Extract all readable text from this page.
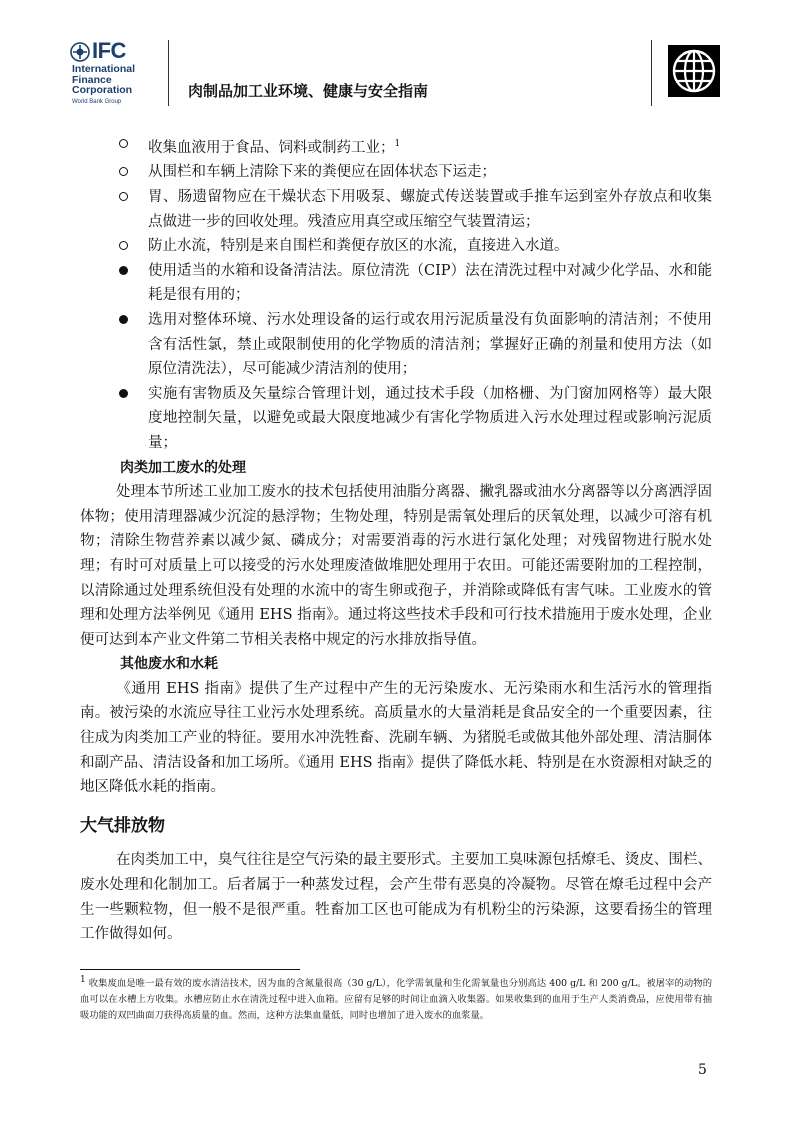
IFC
International
Finance
Corporation
World Bank Group
肉制品加工业环境、健康与安全指南
收集血液用于食品、饲料或制药工业；$^1$
从围栏和车辆上清除下来的粪便应在固体状态下运走；
胃、肠遗留物应在干燥状态下用吸泵、螺旋式传送装置或手推车运到室外存放点和收集点做进一步的回收处理。残渣应用真空或压缩空气装置清运；
防止水流，特别是来自围栏和粪便存放区的水流，直接进入水道。
使用适当的水箱和设备清洁法。原位清洗（CIP）法在清洗过程中对减少化学品、水和能耗是很有用的；
选用对整体环境、污水处理设备的运行或农用污泥质量没有负面影响的清洁剂；不使用含有活性氯，禁止或限制使用的化学物质的清洁剂；掌握好正确的剂量和使用方法（如原位清洗法），尽可能减少清洁剂的使用；
实施有害物质及矢量综合管理计划，通过技术手段（加格栅、为门窗加网格等）最大限度地控制矢量，以避免或最大限度地减少有害化学物质进入污水处理过程或影响污泥质量；
肉类加工废水的处理
处理本节所述工业加工废水的技术包括使用油脂分离器、撇乳器或油水分离器等以分离洒浮固体物；使用清理器减少沉淀的悬浮物；生物处理，特别是需氧处理后的厌氧处理，以减少可溶有机物；清除生物营养素以减少氮、磷成分；对需要消毒的污水进行氯化处理；对残留物进行脱水处理；有时可对质量上可以接受的污水处理废渣做堆肥处理用于农田。可能还需要附加的工程控制，以清除通过处理系统但没有处理的水流中的寄生卵或孢子，并消除或降低有害气味。工业废水的管理和处理方法举例见《通用 EHS 指南》。通过将这些技术手段和可行技术措施用于废水处理，企业便可达到本产业文件第二节相关表格中规定的污水排放指导值。
其他废水和水耗
《通用 EHS 指南》提供了生产过程中产生的无污染废水、无污染雨水和生活污水的管理指南。被污染的水流应导往工业污水处理系统。高质量水的大量消耗是食品安全的一个重要因素，往往成为肉类加工产业的特征。要用水冲洗牲畜、洗刷车辆、为猪脱毛或做其他外部处理、清洁胴体和副产品、清洁设备和加工场所。《通用 EHS 指南》提供了降低水耗、特别是在水资源相对缺乏的地区降低水耗的指南。
大气排放物
在肉类加工中，臭气往往是空气污染的最主要形式。主要加工臭味源包括燎毛、烫皮、围栏、废水处理和化制加工。后者属于一种蒸发过程，会产生带有恶臭的冷凝物。尽管在燎毛过程中会产生一些颗粒物，但一般不是很严重。牲畜加工区也可能成为有机粉尘的污染源，这要看扬尘的管理工作做得如何。
1 收集废血是唯一最有效的废水清洁技术，因为血的含氮量很高（30 g/L），化学需氧量和生化需氧量也分别高达 400 g/L 和 200 g/L。被屠宰的动物的血可以在水槽上方收集。水槽应防止水在清洗过程中进入血箱。应留有足够的时间让血滴入收集器。如果收集到的血用于生产人类消费品，应使用带有抽吸功能的双凹曲面刀获得高质量的血。然而，这种方法集血量低，同时也增加了进入废水的血浆量。
5
